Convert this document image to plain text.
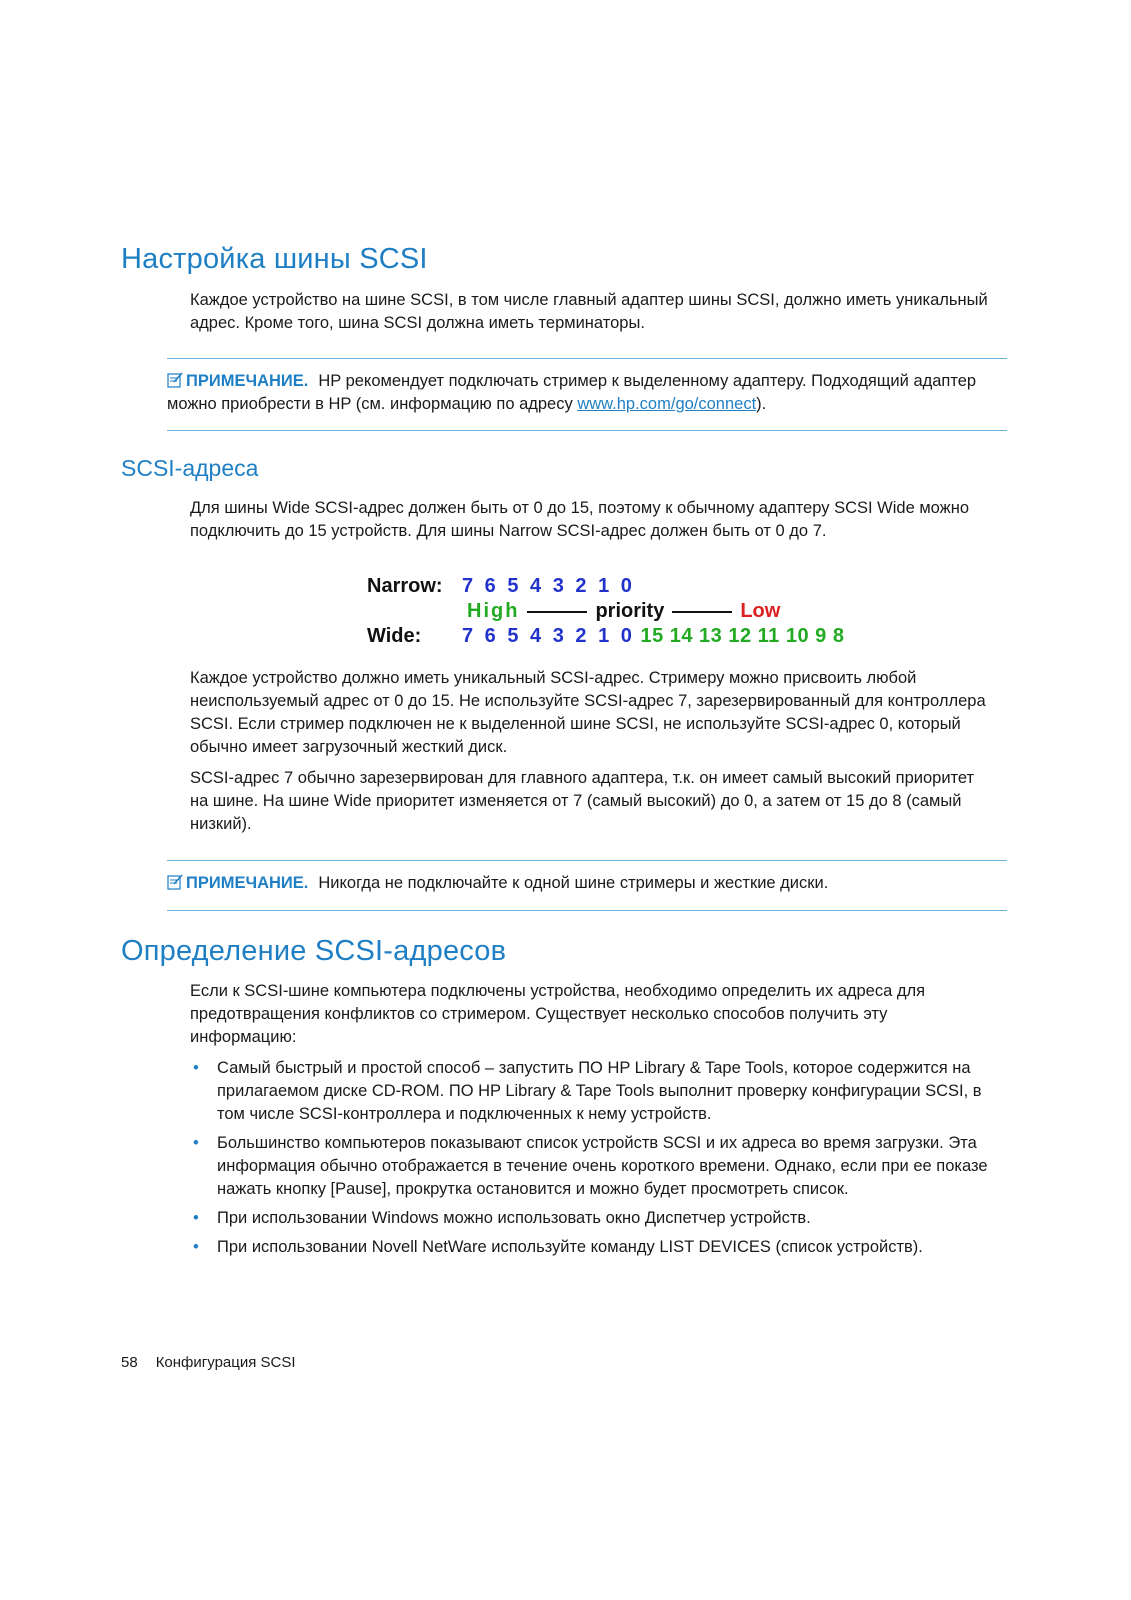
Настройка шины SCSI

Каждое устройство на шине SCSI, в том числе главный адаптер шины SCSI, должно иметь уникальный адрес. Кроме того, шина SCSI должна иметь терминаторы.

ПРИМЕЧАНИЕ. HP рекомендует подключать стример к выделенному адаптеру. Подходящий адаптер можно приобрести в HP (см. информацию по адресу www.hp.com/go/connect).

SCSI-адреса

Для шины Wide SCSI-адрес должен быть от 0 до 15, поэтому к обычному адаптеру SCSI Wide можно подключить до 15 устройств. Для шины Narrow SCSI-адрес должен быть от 0 до 7.

Narrow: 7 6 5 4 3 2 1 0
High	priority	Low
Wide: 7 6 5 4 3 2 1 0 15 14 13 12 11 10 9 8

Каждое устройство должно иметь уникальный SCSI-адрес. Стримеру можно присвоить любой неиспользуемый адрес от 0 до 15. Не используйте SCSI-адрес 7, зарезервированный для контроллера SCSI. Если стример подключен не к выделенной шине SCSI, не используйте SCSI-адрес 0, который обычно имеет загрузочный жесткий диск.

SCSI-адрес 7 обычно зарезервирован для главного адаптера, т.к. он имеет самый высокий приоритет на шине. На шине Wide приоритет изменяется от 7 (самый высокий) до 0, а затем от 15 до 8 (самый низкий).

ПРИМЕЧАНИЕ. Никогда не подключайте к одной шине стримеры и жесткие диски.

Определение SCSI-адресов

Если к SCSI-шине компьютера подключены устройства, необходимо определить их адреса для предотвращения конфликтов со стримером. Существует несколько способов получить эту информацию:

• Самый быстрый и простой способ – запустить ПО HP Library & Tape Tools, которое содержится на прилагаемом диске CD-ROM. ПО HP Library & Tape Tools выполнит проверку конфигурации SCSI, в том числе SCSI-контроллера и подключенных к нему устройств.
• Большинство компьютеров показывают список устройств SCSI и их адреса во время загрузки. Эта информация обычно отображается в течение очень короткого времени. Однако, если при ее показе нажать кнопку [Pause], прокрутка остановится и можно будет просмотреть список.
• При использовании Windows можно использовать окно Диспетчер устройств.
• При использовании Novell NetWare используйте команду LIST DEVICES (список устройств).
58 Конфигурация SCSI
